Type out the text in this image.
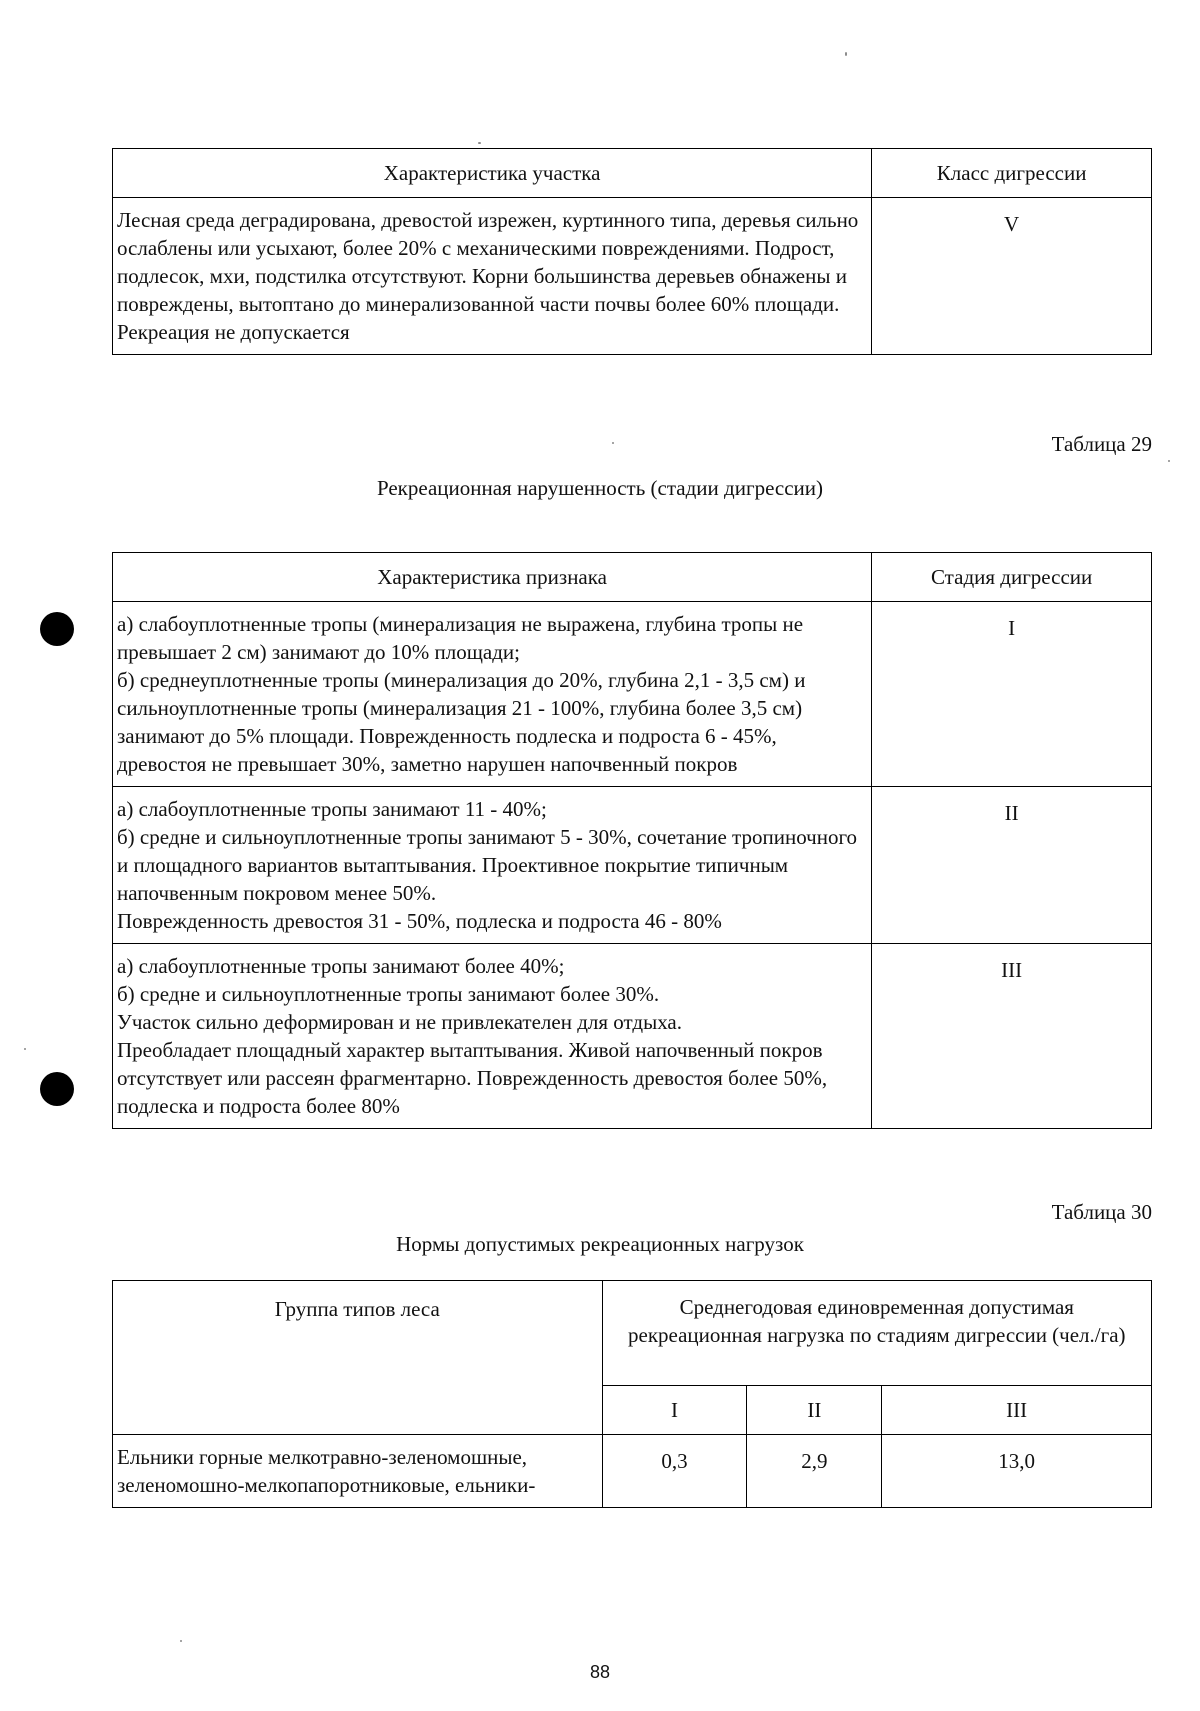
Характеристика участка	Класс дигрессии
Лесная среда деградирована, древостой изрежен, куртинного типа, деревья сильно ослаблены или усыхают, более 20% с механическими повреждениями. Подрост, подлесок, мхи, подстилка отсутствуют. Корни большинства деревьев обнажены и повреждены, вытоптано до минерализованной части почвы более 60% площади. Рекреация не допускается	V
Таблица 29
Рекреационная нарушенность (стадии дигрессии)
Характеристика признака	Стадия дигрессии
а) слабоуплотненные тропы (минерализация не выражена, глубина тропы не превышает 2 см) занимают до 10% площади;
б) среднеуплотненные тропы (минерализация до 20%, глубина 2,1 - 3,5 см) и сильноуплотненные тропы (минерализация 21 - 100%, глубина более 3,5 см) занимают до 5% площади. Поврежденность подлеска и подроста 6 - 45%, древостоя не превышает 30%, заметно нарушен напочвенный покров	I
а) слабоуплотненные тропы занимают 11 - 40%;
б) средне и сильноуплотненные тропы занимают 5 - 30%, сочетание тропиночного и площадного вариантов вытаптывания. Проективное покрытие типичным напочвенным покровом менее 50%.
Поврежденность древостоя 31 - 50%, подлеска и подроста 46 - 80%	II
а) слабоуплотненные тропы занимают более 40%;
б) средне и сильноуплотненные тропы занимают более 30%.
Участок сильно деформирован и не привлекателен для отдыха.
Преобладает площадный характер вытаптывания. Живой напочвенный покров отсутствует или рассеян фрагментарно. Поврежденность древостоя более 50%, подлеска и подроста более 80%	III
Таблица 30
Нормы допустимых рекреационных нагрузок
Группа типов леса	Среднегодовая единовременная допустимая рекреационная нагрузка по стадиям дигрессии (чел./га)		
	I	II	III
Ельники горные мелкотравно-зеленомошные, зеленомошно-мелкопапоротниковые, ельники-	0,3	2,9	13,0
88
